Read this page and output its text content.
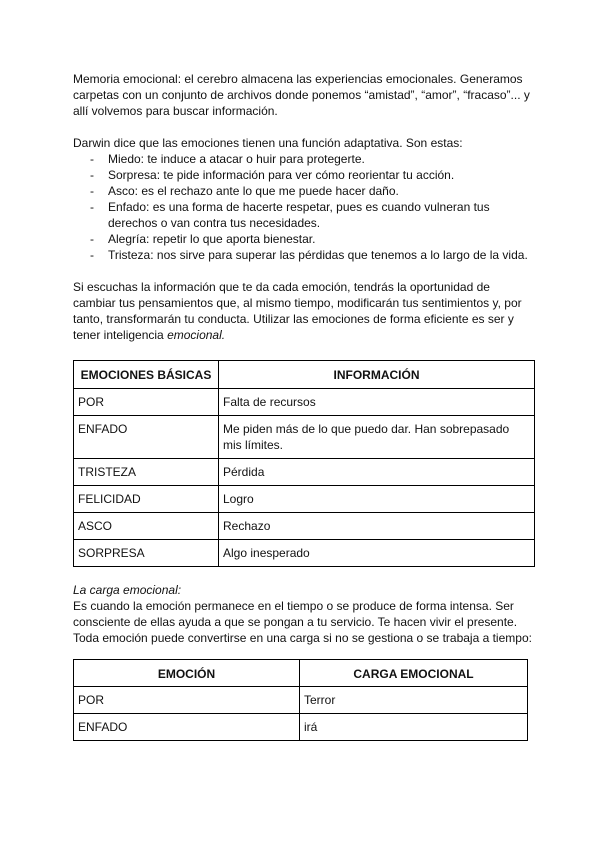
Memoria emocional: el cerebro almacena las experiencias emocionales. Generamos carpetas con un conjunto de archivos donde ponemos “amistad”, “amor”, “fracaso”... y allí volvemos para buscar información.

Darwin dice que las emociones tienen una función adaptativa. Son estas:

- Miedo: te induce a atacar o huir para protegerte.
- Sorpresa: te pide información para ver cómo reorientar tu acción.
- Asco: es el rechazo ante lo que me puede hacer daño.
- Enfado: es una forma de hacerte respetar, pues es cuando vulneran tus derechos o van contra tus necesidades.
- Alegría: repetir lo que aporta bienestar.
- Tristeza: nos sirve para superar las pérdidas que tenemos a lo largo de la vida.

Si escuchas la información que te da cada emoción, tendrás la oportunidad de cambiar tus pensamientos que, al mismo tiempo, modificarán tus sentimientos y, por tanto, transformarán tu conducta. Utilizar las emociones de forma eficiente es ser y tener inteligencia emocional.

EMOCIONES BÁSICAS	INFORMACIÓN
POR	Falta de recursos
ENFADO	Me piden más de lo que puedo dar. Han sobrepasado mis límites.
TRISTEZA	Pérdida
FELICIDAD	Logro
ASCO	Rechazo
SORPRESA	Algo inesperado

La carga emocional:

Es cuando la emoción permanece en el tiempo o se produce de forma intensa. Ser consciente de ellas ayuda a que se pongan a tu servicio. Te hacen vivir el presente. Toda emoción puede convertirse en una carga si no se gestiona o se trabaja a tiempo:

EMOCIÓN	CARGA EMOCIONAL
POR	Terror
ENFADO	irá
